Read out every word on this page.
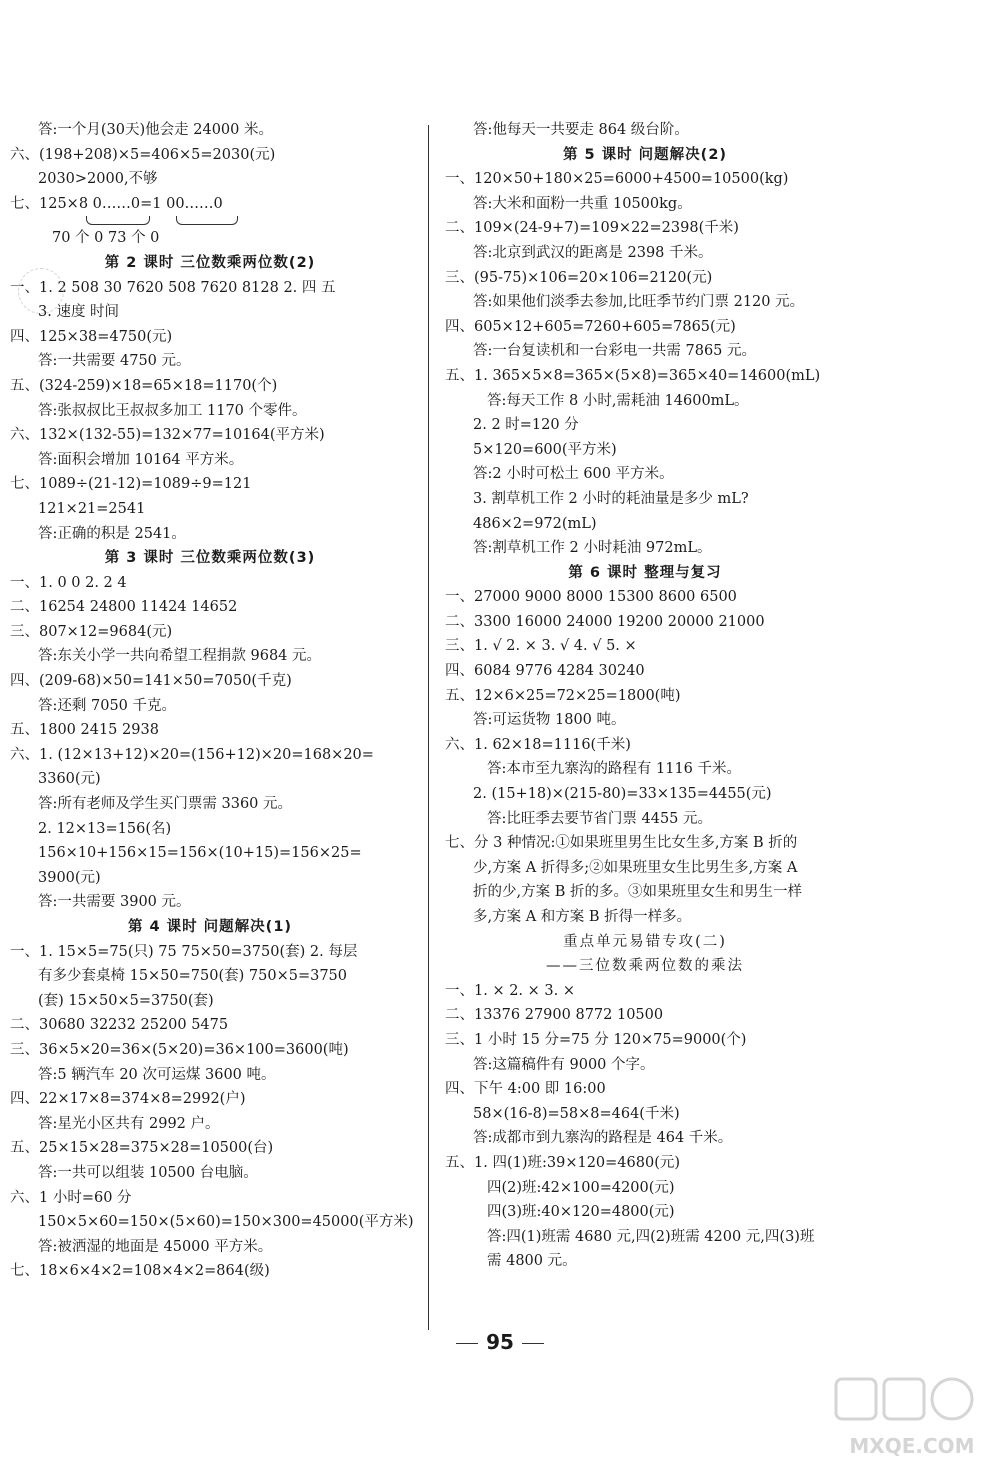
答:一个月(30天)他会走 24000 米。
六、(198+208)×5=406×5=2030(元)
2030>2000,不够
七、125×8 0……0=1 00……0
70 个 0 73 个 0
第 2 课时 三位数乘两位数(2)
一、1. 2 508 30 7620 508 7620 8128 2. 四 五
3. 速度 时间
四、125×38=4750(元)
答:一共需要 4750 元。
五、(324-259)×18=65×18=1170(个)
答:张叔叔比王叔叔多加工 1170 个零件。
六、132×(132-55)=132×77=10164(平方米)
答:面积会增加 10164 平方米。
七、1089÷(21-12)=1089÷9=121
121×21=2541
答:正确的积是 2541。
第 3 课时 三位数乘两位数(3)
一、1. 0 0 2. 2 4
二、16254 24800 11424 14652
三、807×12=9684(元)
答:东关小学一共向希望工程捐款 9684 元。
四、(209-68)×50=141×50=7050(千克)
答:还剩 7050 千克。
五、1800 2415 2938
六、1. (12×13+12)×20=(156+12)×20=168×20=
3360(元)
答:所有老师及学生买门票需 3360 元。
2. 12×13=156(名)
156×10+156×15=156×(10+15)=156×25=
3900(元)
答:一共需要 3900 元。
第 4 课时 问题解决(1)
一、1. 15×5=75(只) 75 75×50=3750(套) 2. 每层
有多少套桌椅 15×50=750(套) 750×5=3750
(套) 15×50×5=3750(套)
二、30680 32232 25200 5475
三、36×5×20=36×(5×20)=36×100=3600(吨)
答:5 辆汽车 20 次可运煤 3600 吨。
四、22×17×8=374×8=2992(户)
答:星光小区共有 2992 户。
五、25×15×28=375×28=10500(台)
答:一共可以组装 10500 台电脑。
六、1 小时=60 分
150×5×60=150×(5×60)=150×300=45000(平方米)
答:被洒湿的地面是 45000 平方米。
七、18×6×4×2=108×4×2=864(级)
答:他每天一共要走 864 级台阶。
第 5 课时 问题解决(2)
一、120×50+180×25=6000+4500=10500(kg)
答:大米和面粉一共重 10500kg。
二、109×(24-9+7)=109×22=2398(千米)
答:北京到武汉的距离是 2398 千米。
三、(95-75)×106=20×106=2120(元)
答:如果他们淡季去参加,比旺季节约门票 2120 元。
四、605×12+605=7260+605=7865(元)
答:一台复读机和一台彩电一共需 7865 元。
五、1. 365×5×8=365×(5×8)=365×40=14600(mL)
答:每天工作 8 小时,需耗油 14600mL。
2. 2 时=120 分
5×120=600(平方米)
答:2 小时可松土 600 平方米。
3. 割草机工作 2 小时的耗油量是多少 mL?
486×2=972(mL)
答:割草机工作 2 小时耗油 972mL。
第 6 课时 整理与复习
一、27000 9000 8000 15300 8600 6500
二、3300 16000 24000 19200 20000 21000
三、1. √ 2. × 3. √ 4. √ 5. ×
四、6084 9776 4284 30240
五、12×6×25=72×25=1800(吨)
答:可运货物 1800 吨。
六、1. 62×18=1116(千米)
答:本市至九寨沟的路程有 1116 千米。
2. (15+18)×(215-80)=33×135=4455(元)
答:比旺季去要节省门票 4455 元。
七、分 3 种情况:①如果班里男生比女生多,方案 B 折的
少,方案 A 折得多;②如果班里女生比男生多,方案 A
折的少,方案 B 折的多。③如果班里女生和男生一样
多,方案 A 和方案 B 折得一样多。
重点单元易错专攻(二)
——三位数乘两位数的乘法
一、1. × 2. × 3. ×
二、13376 27900 8772 10500
三、1 小时 15 分=75 分 120×75=9000(个)
答:这篇稿件有 9000 个字。
四、下午 4:00 即 16:00
58×(16-8)=58×8=464(千米)
答:成都市到九寨沟的路程是 464 千米。
五、1. 四(1)班:39×120=4680(元)
四(2)班:42×100=4200(元)
四(3)班:40×120=4800(元)
答:四(1)班需 4680 元,四(2)班需 4200 元,四(3)班
需 4800 元。
95
MXQE.COM
